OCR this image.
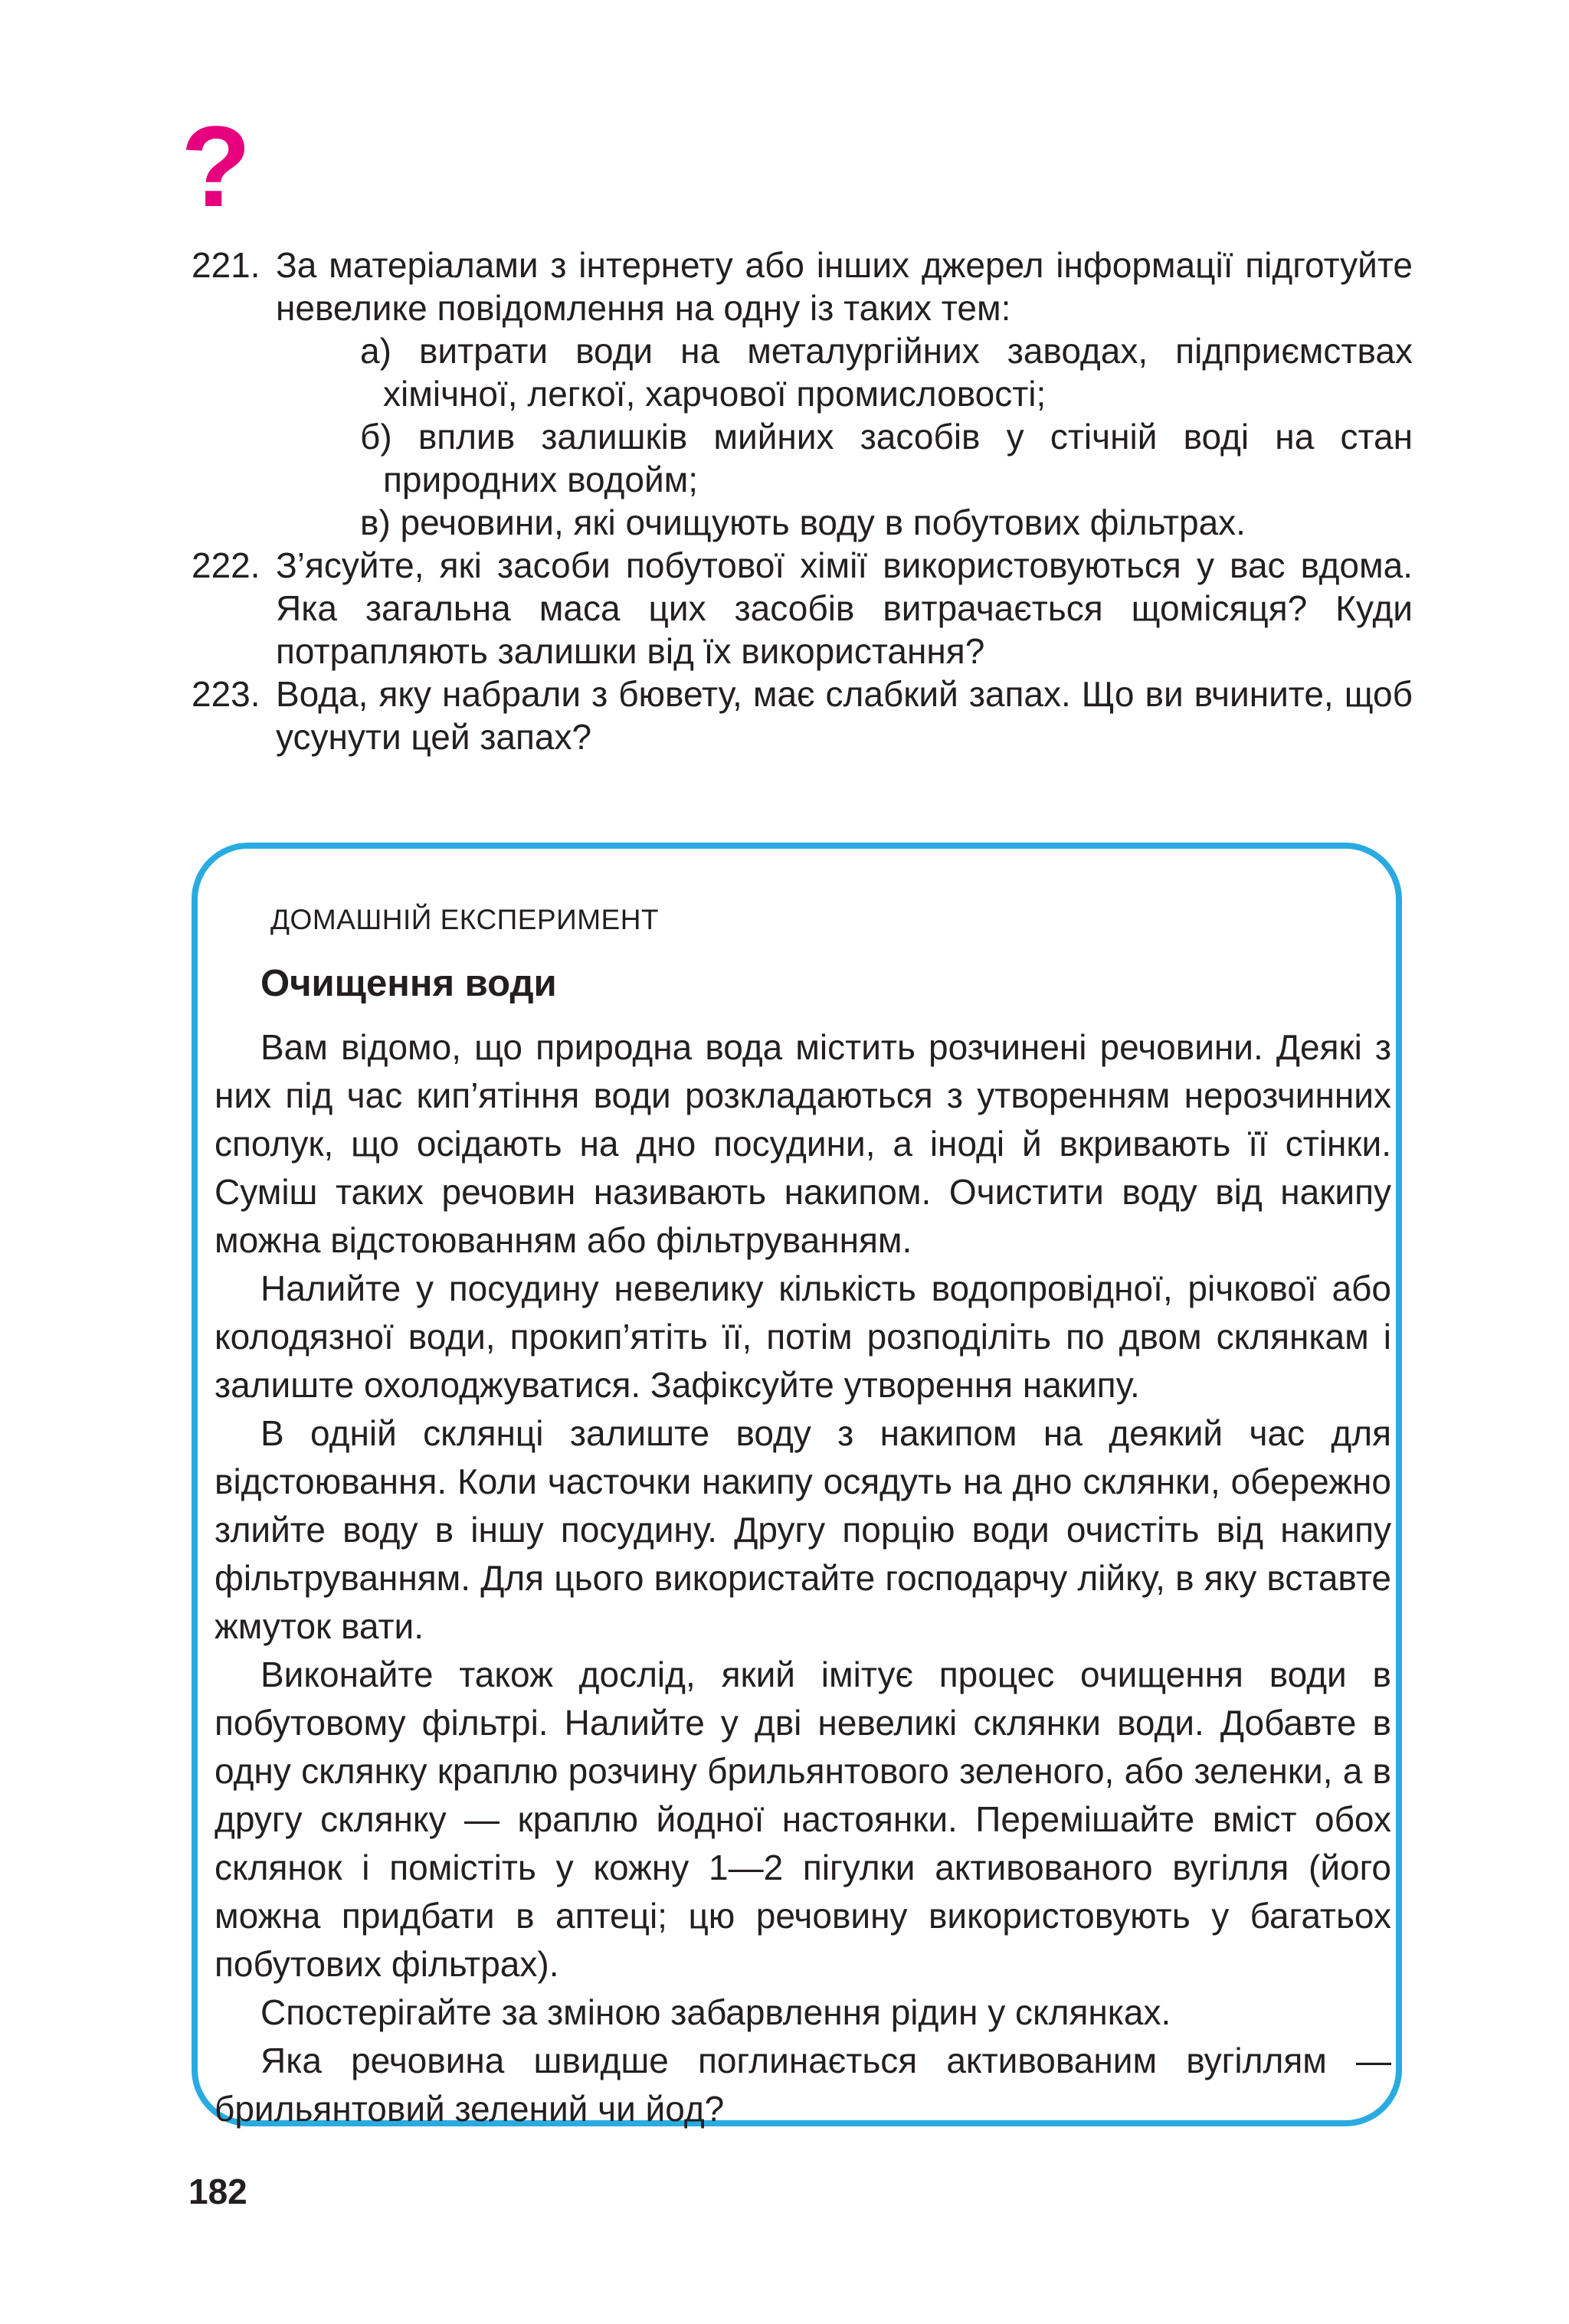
?
221. За матеріалами з інтернету або інших джерел інформації підготуйте невелике повідомлення на одну із таких тем:
а) витрати води на металургійних заводах, підприємствах хімічної, легкої, харчової промисловості;
б) вплив залишків мийних засобів у стічній воді на стан природних водойм;
в) речовини, які очищують воду в побутових фільтрах.
222. З’ясуйте, які засоби побутової хімії використовуються у вас вдома. Яка загальна маса цих засобів витрачається щомісяця? Куди потрапляють залишки від їх використання?
223. Вода, яку набрали з бювету, має слабкий запах. Що ви вчините, щоб усунути цей запах?
ДОМАШНІЙ ЕКСПЕРИМЕНТ
Очищення води

Вам відомо, що природна вода містить розчинені речовини. Деякі з них під час кип’ятіння води розкладаються з утворенням нерозчинних сполук, що осідають на дно посудини, а іноді й вкривають її стінки. Суміш таких речовин називають накипом. Очистити воду від накипу можна відстоюванням або фільтруванням.

Налийте у посудину невелику кількість водопровідної, річкової або колодязної води, прокип’ятіть її, потім розподіліть по двом склянкам і залиште охолоджуватися. Зафіксуйте утворення накипу.

В одній склянці залиште воду з накипом на деякий час для відстоювання. Коли часточки накипу осядуть на дно склянки, обережно злийте воду в іншу посудину. Другу порцію води очистіть від накипу фільтруванням. Для цього використайте господарчу лійку, в яку вставте жмуток вати.

Виконайте також дослід, який імітує процес очищення води в побутовому фільтрі. Налийте у дві невеликі склянки води. Добавте в одну склянку краплю розчину брильянтового зеленого, або зеленки, а в другу склянку — краплю йодної настоянки. Перемішайте вміст обох склянок і помістіть у кожну 1—2 пігулки активованого вугілля (його можна придбати в аптеці; цю речовину використовують у багатьох побутових фільтрах).

Спостерігайте за зміною забарвлення рідин у склянках.

Яка речовина швидше поглинається активованим вугіллям — брильянтовий зелений чи йод?

182
